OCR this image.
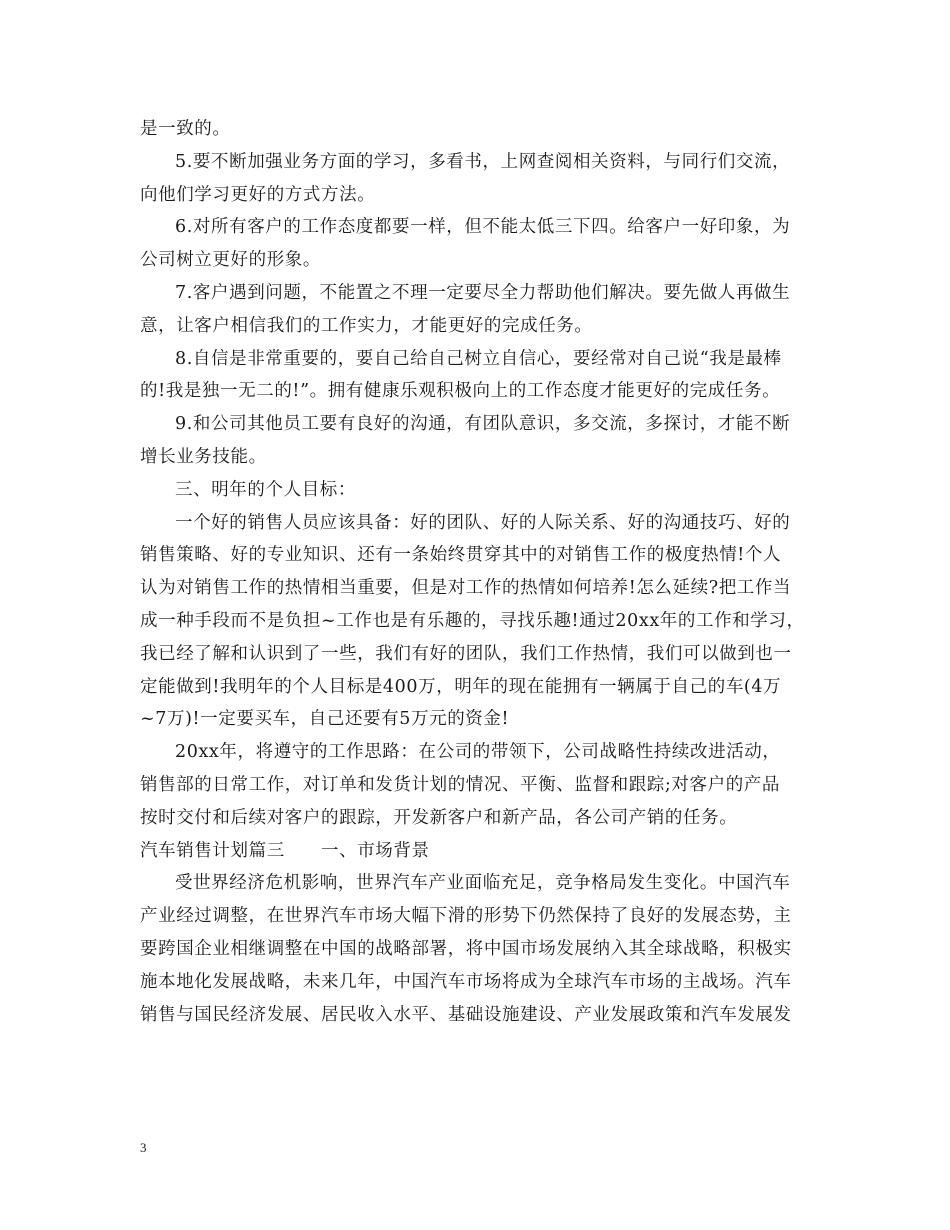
是一致的。
5.要不断加强业务方面的学习，多看书，上网查阅相关资料，与同行们交流，
向他们学习更好的方式方法。
6.对所有客户的工作态度都要一样，但不能太低三下四。给客户一好印象，为
公司树立更好的形象。
7.客户遇到问题，不能置之不理一定要尽全力帮助他们解决。要先做人再做生
意，让客户相信我们的工作实力，才能更好的完成任务。
8.自信是非常重要的，要自己给自己树立自信心，要经常对自己说“我是最棒
的!我是独一无二的!”。拥有健康乐观积极向上的工作态度才能更好的完成任务。
9.和公司其他员工要有良好的沟通，有团队意识，多交流，多探讨，才能不断
增长业务技能。
三、明年的个人目标：
一个好的销售人员应该具备：好的团队、好的人际关系、好的沟通技巧、好的
销售策略、好的专业知识、还有一条始终贯穿其中的对销售工作的极度热情!个人
认为对销售工作的热情相当重要，但是对工作的热情如何培养!怎么延续?把工作当
成一种手段而不是负担~工作也是有乐趣的，寻找乐趣!通过20xx年的工作和学习，
我已经了解和认识到了一些，我们有好的团队，我们工作热情，我们可以做到也一
定能做到!我明年的个人目标是400万，明年的现在能拥有一辆属于自己的车(4万
~7万)!一定要买车，自己还要有5万元的资金!
20xx年，将遵守的工作思路：在公司的带领下，公司战略性持续改进活动，
销售部的日常工作，对订单和发货计划的情况、平衡、监督和跟踪;对客户的产品
按时交付和后续对客户的跟踪，开发新客户和新产品，各公司产销的任务。
汽车销售计划篇三　　一、市场背景
受世界经济危机影响，世界汽车产业面临充足，竞争格局发生变化。中国汽车
产业经过调整，在世界汽车市场大幅下滑的形势下仍然保持了良好的发展态势，主
要跨国企业相继调整在中国的战略部署，将中国市场发展纳入其全球战略，积极实
施本地化发展战略，未来几年，中国汽车市场将成为全球汽车市场的主战场。汽车
销售与国民经济发展、居民收入水平、基础设施建设、产业发展政策和汽车发展发
3
